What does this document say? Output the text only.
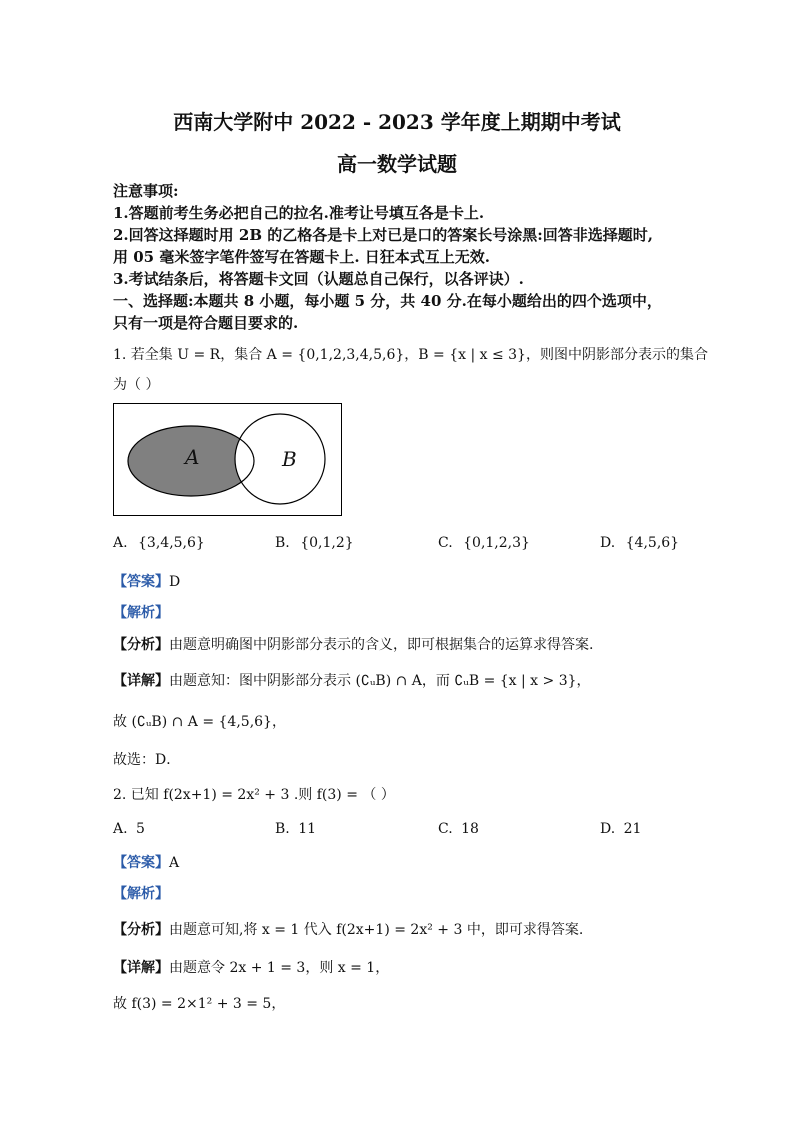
西南大学附中 2022 - 2023 学年度上期期中考试
高一数学试题
注意事项:
1.答题前考生务必把自己的拉名.准考让号填互各是卡上.
2.回答这择题时用 2B 的乙格各是卡上对已是口的答案长号涂黑:回答非选择题时,
用 05 毫米签字笔件签写在答题卡上. 日狂本式互上无效.
3.考试结条后，将答题卡文回（认题总自己保行，以各评诀）.
一、选择题:本题共 8 小题，每小题 5 分，共 40 分.在每小题给出的四个选项中，
只有一项是符合题目要求的.
1. 若全集 U = R，集合 A = {0,1,2,3,4,5,6}，B = {x | x ≤ 3}，则图中阴影部分表示的集合
为（ ）
A	B
A. {3,4,5,6}	B. {0,1,2}	C. {0,1,2,3}	D. {4,5,6}
【答案】D
【解析】
【分析】由题意明确图中阴影部分表示的含义，即可根据集合的运算求得答案.
【详解】由题意知：图中阴影部分表示 (∁ᵤB) ∩ A，而 ∁ᵤB = {x | x > 3}，
故 (∁ᵤB) ∩ A = {4,5,6}，
故选：D．
2. 已知 f(2x+1) = 2x² + 3 .则 f(3) = （ ）
A. 5	B. 11	C. 18	D. 21
【答案】A
【解析】
【分析】由题意可知,将 x = 1 代入 f(2x+1) = 2x² + 3 中，即可求得答案.
【详解】由题意令 2x + 1 = 3，则 x = 1，
故 f(3) = 2×1² + 3 = 5，
